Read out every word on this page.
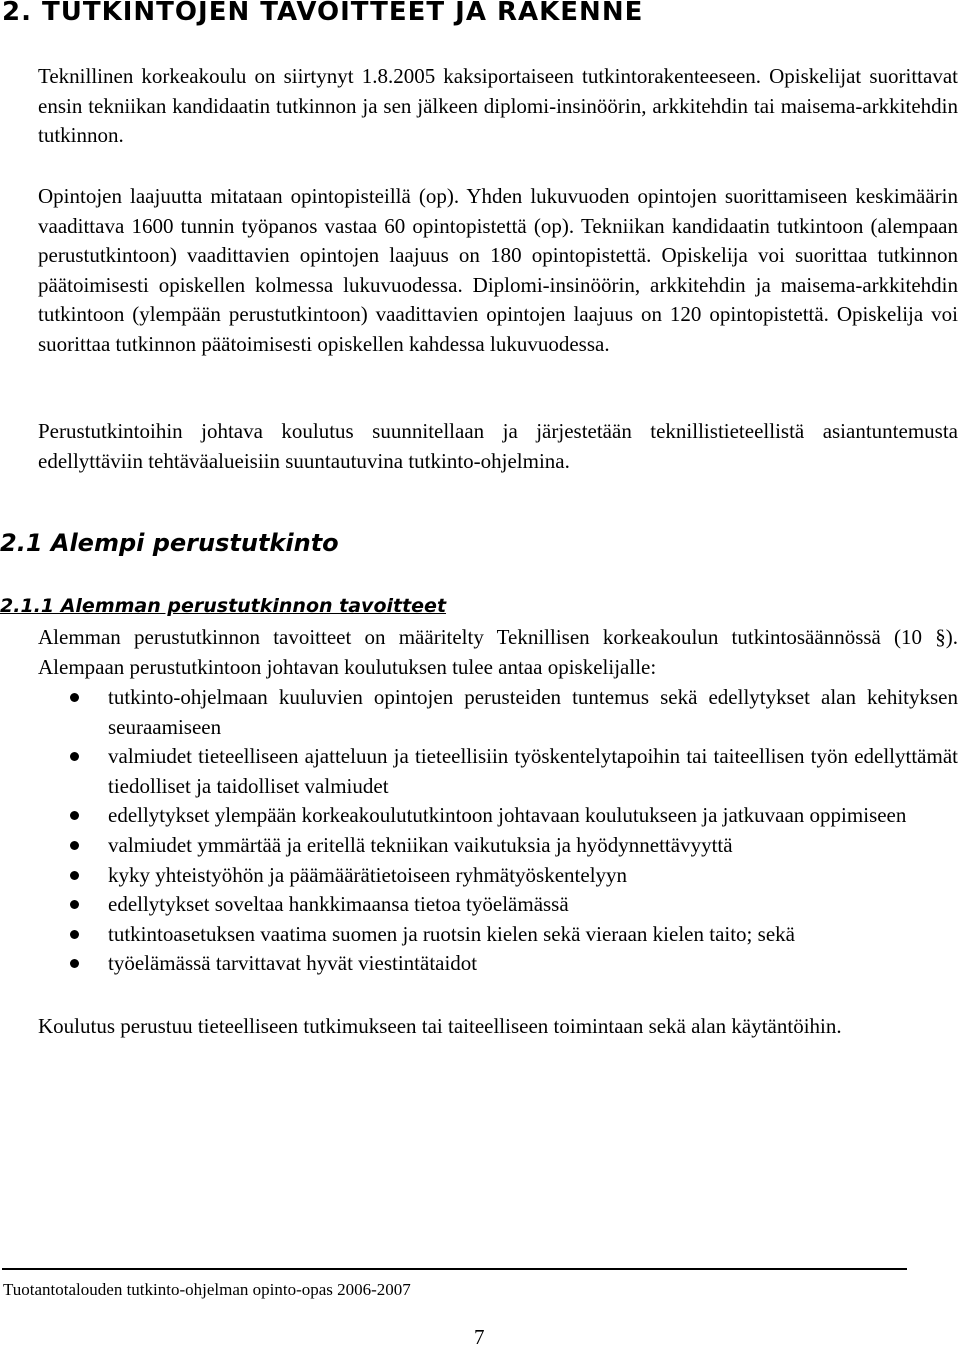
2. TUTKINTOJEN TAVOITTEET JA RAKENNE

Teknillinen korkeakoulu on siirtynyt 1.8.2005 kaksiportaiseen tutkintorakenteeseen. Opiskelijat suorittavat ensin tekniikan kandidaatin tutkinnon ja sen jälkeen diplomi-insinöörin, arkkitehdin tai maisema-arkkitehdin tutkinnon.

Opintojen laajuutta mitataan opintopisteillä (op). Yhden lukuvuoden opintojen suorittamiseen keskimäärin vaadittava 1600 tunnin työpanos vastaa 60 opintopistettä (op). Tekniikan kandidaatin tutkintoon (alempaan perustutkintoon) vaadittavien opintojen laajuus on 180 opintopistettä. Opiskelija voi suorittaa tutkinnon päätoimisesti opiskellen kolmessa lukuvuodessa. Diplomi-insinöörin, arkkitehdin ja maisema-arkkitehdin tutkintoon (ylempään perustutkintoon) vaadittavien opintojen laajuus on 120 opintopistettä. Opiskelija voi suorittaa tutkinnon päätoimisesti opiskellen kahdessa lukuvuodessa.

Perustutkintoihin johtava koulutus suunnitellaan ja järjestetään teknillistieteellistä asiantuntemusta edellyttäviin tehtäväalueisiin suuntautuvina tutkinto-ohjelmina.

2.1 Alempi perustutkinto
2.1.1 Alemman perustutkinnon tavoitteet

Alemman perustutkinnon tavoitteet on määritelty Teknillisen korkeakoulun tutkintosäännössä (10 §). Alempaan perustutkintoon johtavan koulutuksen tulee antaa opiskelijalle:

tutkinto-ohjelmaan kuuluvien opintojen perusteiden tuntemus sekä edellytykset alan kehityksen seuraamiseen
valmiudet tieteelliseen ajatteluun ja tieteellisiin työskentelytapoihin tai taiteellisen työn edellyttämät tiedolliset ja taidolliset valmiudet
edellytykset ylempään korkeakoulututkintoon johtavaan koulutukseen ja jatkuvaan oppimiseen
valmiudet ymmärtää ja eritellä tekniikan vaikutuksia ja hyödynnettävyyttä
kyky yhteistyöhön ja päämäärätietoiseen ryhmätyöskentelyyn
edellytykset soveltaa hankkimaansa tietoa työelämässä
tutkintoasetuksen vaatima suomen ja ruotsin kielen sekä vieraan kielen taito; sekä
työelämässä tarvittavat hyvät viestintätaidot

Koulutus perustuu tieteelliseen tutkimukseen tai taiteelliseen toimintaan sekä alan käytäntöihin.

Tuotantotalouden tutkinto-ohjelman opinto-opas 2006-2007

7
